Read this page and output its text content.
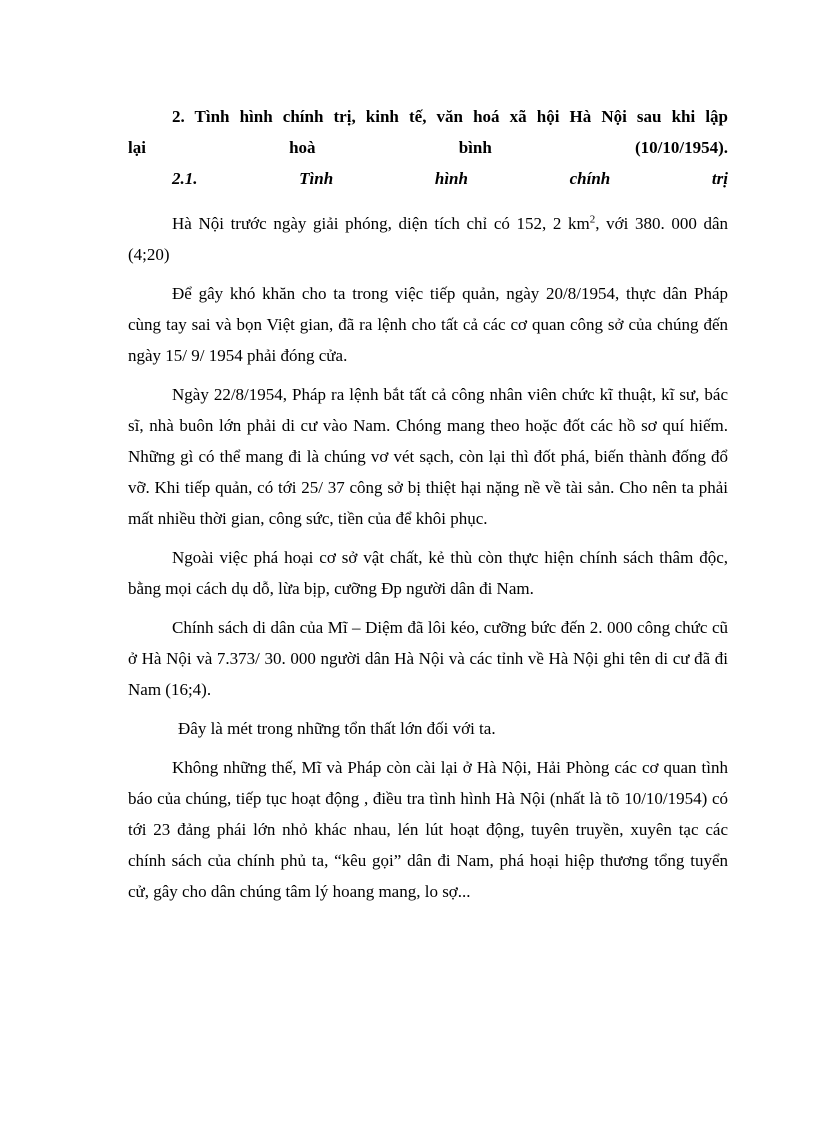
2. Tình hình chính trị, kinh tế, văn hoá xã hội Hà Nội sau khi lập
lại hoà bình (10/10/1954).
2.1. Tình hình chính trị

Hà Nội trước ngày giải phóng, diện tích chỉ có 152, 2 $km^2$, với 380. 000 dân (4;20)

Để gây khó khăn cho ta trong việc tiếp quản, ngày 20/8/1954, thực dân Pháp cùng tay sai và bọn Việt gian, đã ra lệnh cho tất cả các cơ quan công sở của chúng đến ngày 15/ 9/ 1954 phải đóng cửa.

Ngày 22/8/1954, Pháp ra lệnh bắt tất cả công nhân viên chức kĩ thuật, kĩ sư, bác sĩ, nhà buôn lớn phải di cư vào Nam. Chóng mang theo hoặc đốt các hồ sơ quí hiếm. Những gì có thể mang đi là chúng vơ vét sạch, còn lại thì đốt phá, biến thành đống đổ vỡ. Khi tiếp quản, có tới 25/ 37 công sở bị thiệt hại nặng nề về tài sản. Cho nên ta phải mất nhiều thời gian, công sức, tiền của để khôi phục.

Ngoài việc phá hoại cơ sở vật chất, kẻ thù còn thực hiện chính sách thâm độc, bằng mọi cách dụ dỗ, lừa bịp, cưỡng Đp người dân đi Nam.

Chính sách di dân của Mĩ – Diệm đã lôi kéo, cưỡng bức đến 2. 000 công chức cũ ở Hà Nội và 7.373/ 30. 000 người dân Hà Nội và các tỉnh về Hà Nội ghi tên di cư đã đi Nam (16;4).

Đây là mét trong những tổn thất lớn đối với ta.

Không những thế, Mĩ và Pháp còn cài lại ở Hà Nội, Hải Phòng các cơ quan tình báo của chúng, tiếp tục hoạt động , điều tra tình hình Hà Nội (nhất là tõ 10/10/1954) có tới 23 đảng phái lớn nhỏ khác nhau, lén lút hoạt động, tuyên truyền, xuyên tạc các chính sách của chính phủ ta, “kêu gọi” dân đi Nam, phá hoại hiệp thương tổng tuyển cử, gây cho dân chúng tâm lý hoang mang, lo sợ...
